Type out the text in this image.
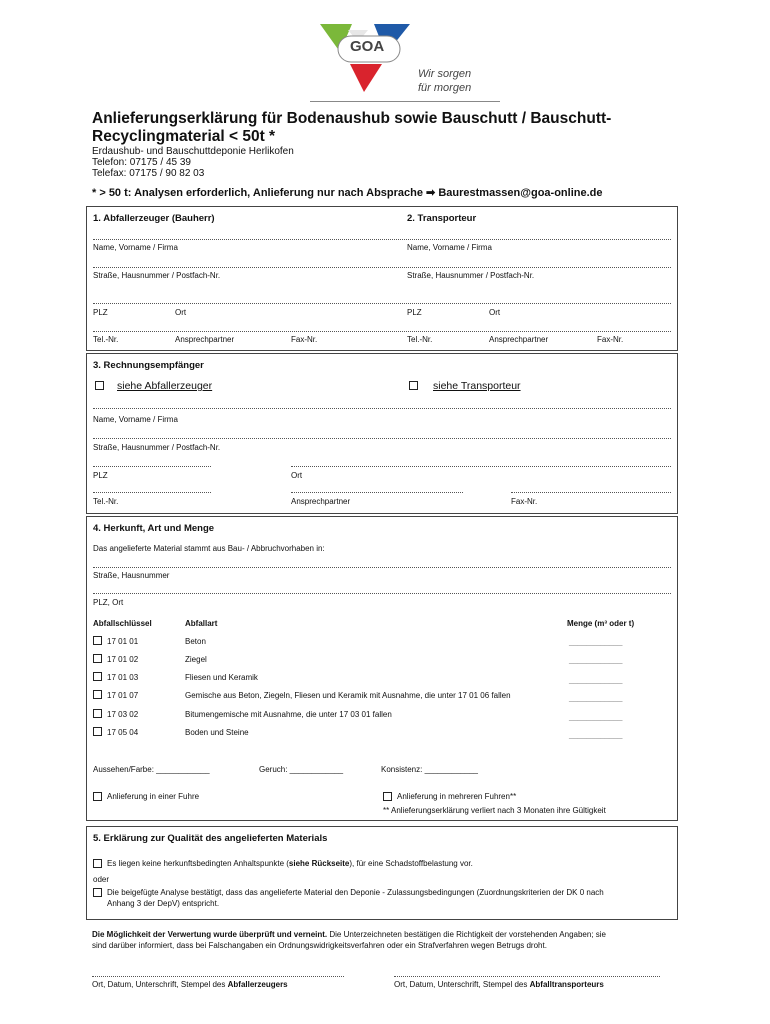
GOA
Wir sorgen
für morgen
Anlieferungserklärung für Bodenaushub sowie Bauschutt / Bauschutt-
Recyclingmaterial < 50t *
Erdaushub- und Bauschuttdeponie Herlikofen
Telefon: 07175 / 45 39
Telefax: 07175 / 90 82 03
* > 50 t: Analysen erforderlich, Anlieferung nur nach Absprache ➡ Baurestmassen@goa-online.de
1. Abfallerzeuger (Bauherr)	2. Transporteur
Name, Vorname / Firma	Name, Vorname / Firma
Straße, Hausnummer / Postfach-Nr.	Straße, Hausnummer / Postfach-Nr.
PLZ	Ort	PLZ	Ort
Tel.-Nr.	Ansprechpartner	Fax-Nr.	Tel.-Nr.	Ansprechpartner	Fax-Nr.
3. Rechnungsempfänger
siehe Abfallerzeuger	siehe Transporteur
Name, Vorname / Firma
Straße, Hausnummer / Postfach-Nr.
PLZ	Ort
Tel.-Nr.	Ansprechpartner	Fax-Nr.
4. Herkunft, Art und Menge
Das angelieferte Material stammt aus Bau- / Abbruchvorhaben in:
Straße, Hausnummer
PLZ, Ort
Abfallschlüssel	Abfallart	Menge (m³ oder t)
17 01 01	Beton	____________
17 01 02	Ziegel	____________
17 01 03	Fliesen und Keramik	____________
17 01 07	Gemische aus Beton, Ziegeln, Fliesen und Keramik mit Ausnahme, die unter 17 01 06 fallen	____________
17 03 02	Bitumengemische mit Ausnahme, die unter 17 03 01 fallen	____________
17 05 04	Boden und Steine	____________
Aussehen/Farbe: ____________	Geruch: ____________	Konsistenz: ____________
Anlieferung in einer Fuhre	Anlieferung in mehreren Fuhren**
** Anlieferungserklärung verliert nach 3 Monaten ihre Gültigkeit
5. Erklärung zur Qualität des angelieferten Materials
Es liegen keine herkunftsbedingten Anhaltspunkte (siehe Rückseite), für eine Schadstoffbelastung vor.
oder
Die beigefügte Analyse bestätigt, dass das angelieferte Material den Deponie - Zulassungsbedingungen (Zuordnungskriterien der DK 0 nach
Anhang 3 der DepV) entspricht.
Die Möglichkeit der Verwertung wurde überprüft und verneint. Die Unterzeichneten bestätigen die Richtigkeit der vorstehenden Angaben; sie
sind darüber informiert, dass bei Falschangaben ein Ordnungswidrigkeitsverfahren oder ein Strafverfahren wegen Betrugs droht.
Ort, Datum, Unterschrift, Stempel des Abfallerzeugers	Ort, Datum, Unterschrift, Stempel des Abfalltransporteurs
